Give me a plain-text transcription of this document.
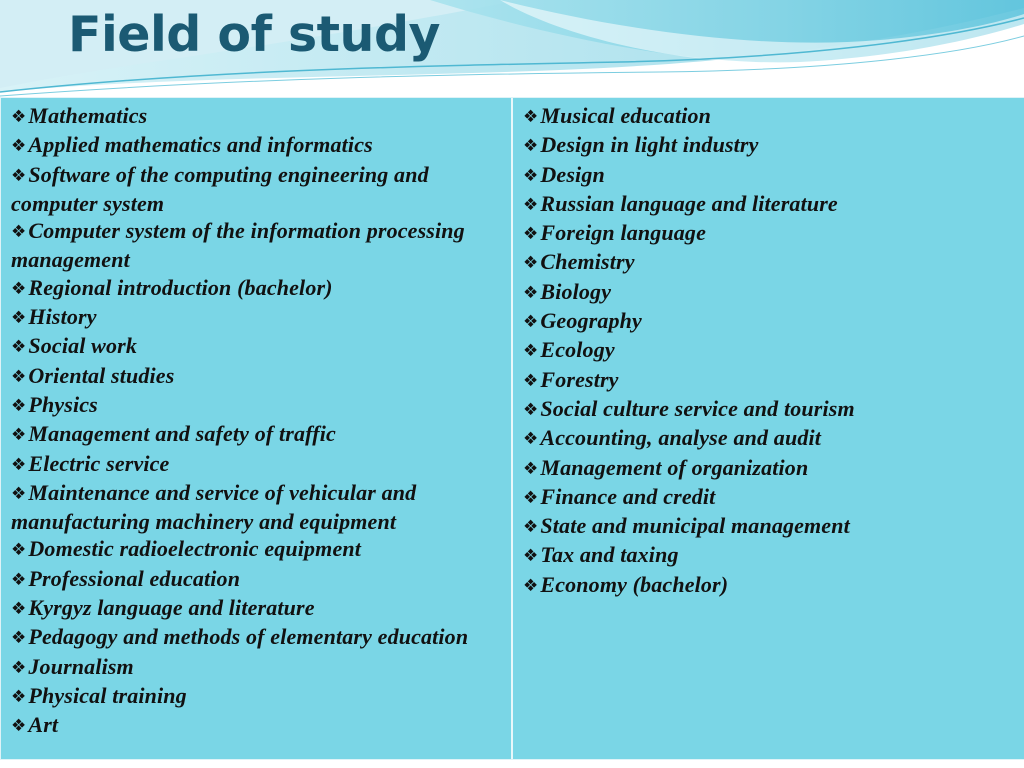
Field of study
❖Mathematics
❖Applied mathematics and informatics
❖Software of the computing engineering and computer system
❖Computer system of the information processing management
❖Regional introduction (bachelor)
❖History
❖Social work
❖Oriental studies
❖Physics
❖Management and safety of traffic
❖Electric service
❖Maintenance and service of vehicular and manufacturing machinery and equipment
❖Domestic radioelectronic equipment
❖Professional education
❖Kyrgyz language and literature
❖Pedagogy and methods of elementary education
❖Journalism
❖Physical training
❖Art
❖Musical education
❖Design in light industry
❖Design
❖Russian language and literature
❖Foreign language
❖Chemistry
❖Biology
❖Geography
❖Ecology
❖Forestry
❖Social culture service and tourism
❖Accounting, analyse and audit
❖Management of organization
❖Finance and credit
❖State and municipal management
❖Tax and taxing
❖Economy (bachelor)
